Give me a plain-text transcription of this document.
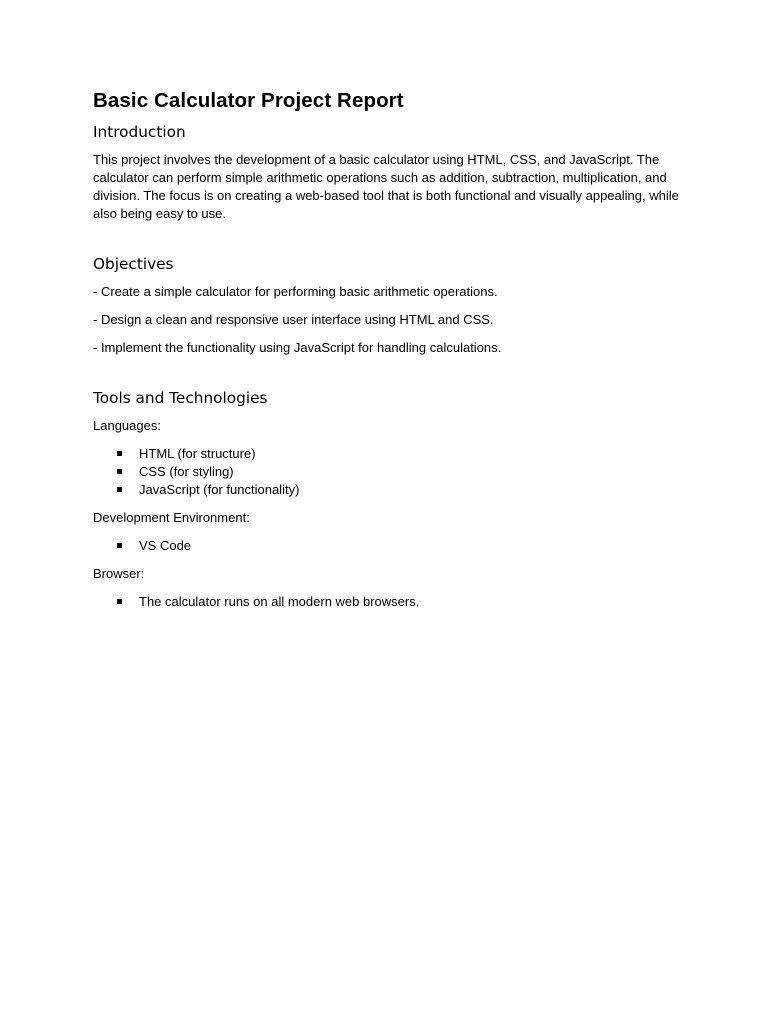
Basic Calculator Project Report
Introduction

This project involves the development of a basic calculator using HTML, CSS, and JavaScript. The calculator can perform simple arithmetic operations such as addition, subtraction, multiplication, and division. The focus is on creating a web-based tool that is both functional and visually appealing, while also being easy to use.

Objectives

- Create a simple calculator for performing basic arithmetic operations.

- Design a clean and responsive user interface using HTML and CSS.

- Implement the functionality using JavaScript for handling calculations.

Tools and Technologies

Languages:

HTML (for structure)
CSS (for styling)
JavaScript (for functionality)

Development Environment:

VS Code

Browser:

The calculator runs on all modern web browsers.
